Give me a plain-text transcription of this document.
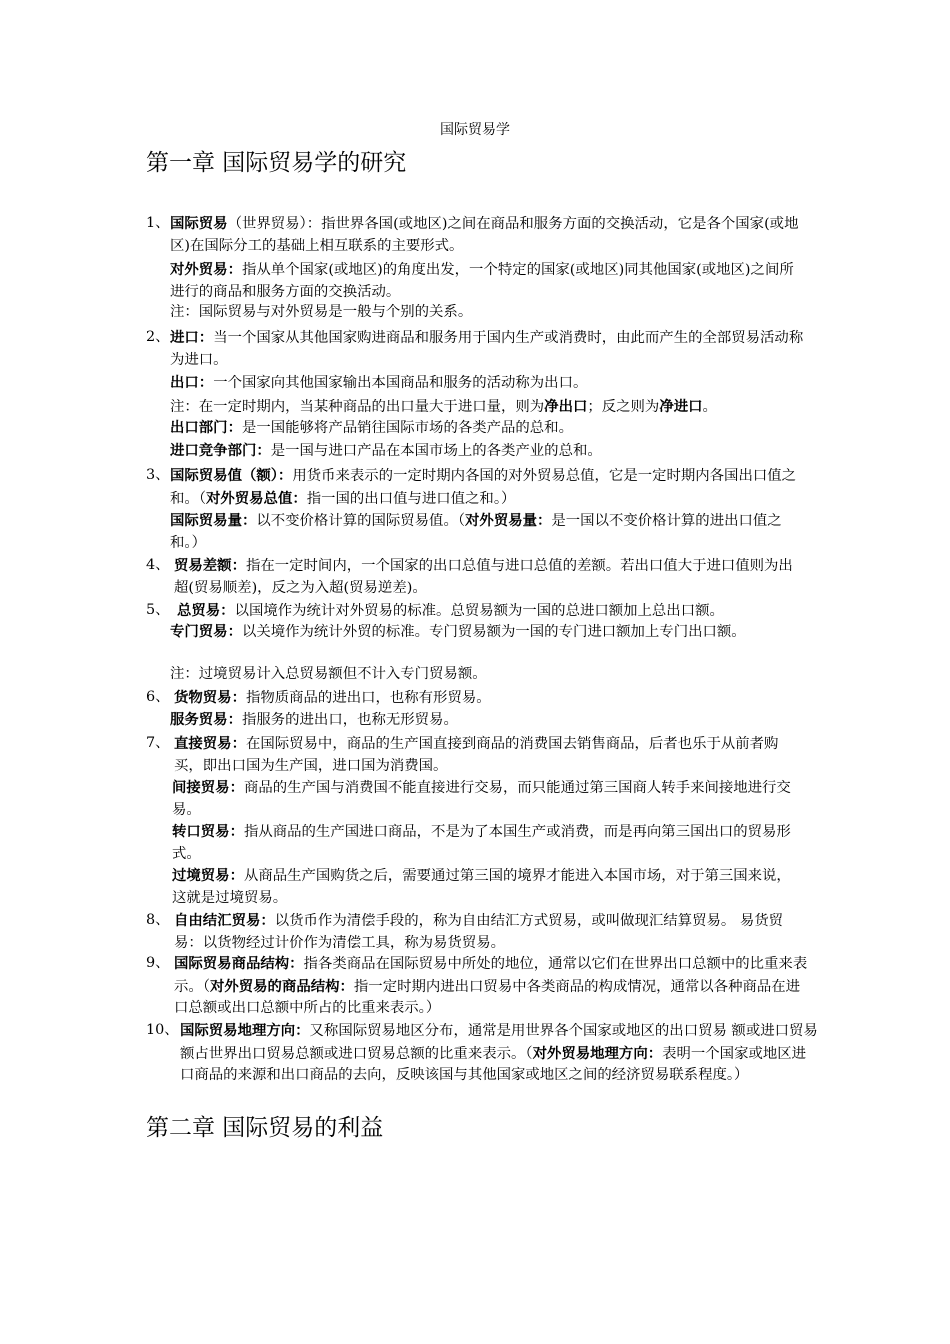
国际贸易学
第一章 国际贸易学的研究
1、 国际贸易（世界贸易）：指世界各国(或地区)之间在商品和服务方面的交换活动，它是各个国家(或地区)在国际分工的基础上相互联系的主要形式。

对外贸易：指从单个国家(或地区)的角度出发，一个特定的国家(或地区)同其他国家(或地区)之间所进行的商品和服务方面的交换活动。

注：国际贸易与对外贸易是一般与个别的关系。

2、 进口：当一个国家从其他国家购进商品和服务用于国内生产或消费时，由此而产生的全部贸易活动称为进口。

出口：一个国家向其他国家输出本国商品和服务的活动称为出口。

注：在一定时期内，当某种商品的出口量大于进口量，则为净出口；反之则为净进口。

出口部门：是一国能够将产品销往国际市场的各类产品的总和。

进口竞争部门：是一国与进口产品在本国市场上的各类产业的总和。

3、 国际贸易值（额）：用货币来表示的一定时期内各国的对外贸易总值，它是一定时期内各国出口值之和。（对外贸易总值：指一国的出口值与进口值之和。）

国际贸易量：以不变价格计算的国际贸易值。（对外贸易量：是一国以不变价格计算的进出口值之和。）

4、 贸易差额：指在一定时间内，一个国家的出口总值与进口总值的差额。若出口值大于进口值则为出超(贸易顺差)，反之为入超(贸易逆差)。

5、 总贸易：以国境作为统计对外贸易的标准。总贸易额为一国的总进口额加上总出口额。

专门贸易：以关境作为统计外贸的标准。专门贸易额为一国的专门进口额加上专门出口额。

注：过境贸易计入总贸易额但不计入专门贸易额。

6、 货物贸易：指物质商品的进出口，也称有形贸易。

服务贸易：指服务的进出口，也称无形贸易。

7、 直接贸易：在国际贸易中，商品的生产国直接到商品的消费国去销售商品，后者也乐于从前者购买，即出口国为生产国，进口国为消费国。

间接贸易：商品的生产国与消费国不能直接进行交易，而只能通过第三国商人转手来间接地进行交易。

转口贸易：指从商品的生产国进口商品，不是为了本国生产或消费，而是再向第三国出口的贸易形式。

过境贸易：从商品生产国购货之后，需要通过第三国的境界才能进入本国市场，对于第三国来说，这就是过境贸易。

8、 自由结汇贸易：以货币作为清偿手段的，称为自由结汇方式贸易，或叫做现汇结算贸易。 易货贸易：以货物经过计价作为清偿工具，称为易货贸易。

9、 国际贸易商品结构：指各类商品在国际贸易中所处的地位，通常以它们在世界出口总额中的比重来表示。（对外贸易的商品结构：指一定时期内进出口贸易中各类商品的构成情况，通常以各种商品在进口总额或出口总额中所占的比重来表示。）

10、 国际贸易地理方向：又称国际贸易地区分布，通常是用世界各个国家或地区的出口贸易 额或进口贸易额占世界出口贸易总额或进口贸易总额的比重来表示。（对外贸易地理方向：表明一个国家或地区进口商品的来源和出口商品的去向，反映该国与其他国家或地区之间的经济贸易联系程度。）

第二章 国际贸易的利益
